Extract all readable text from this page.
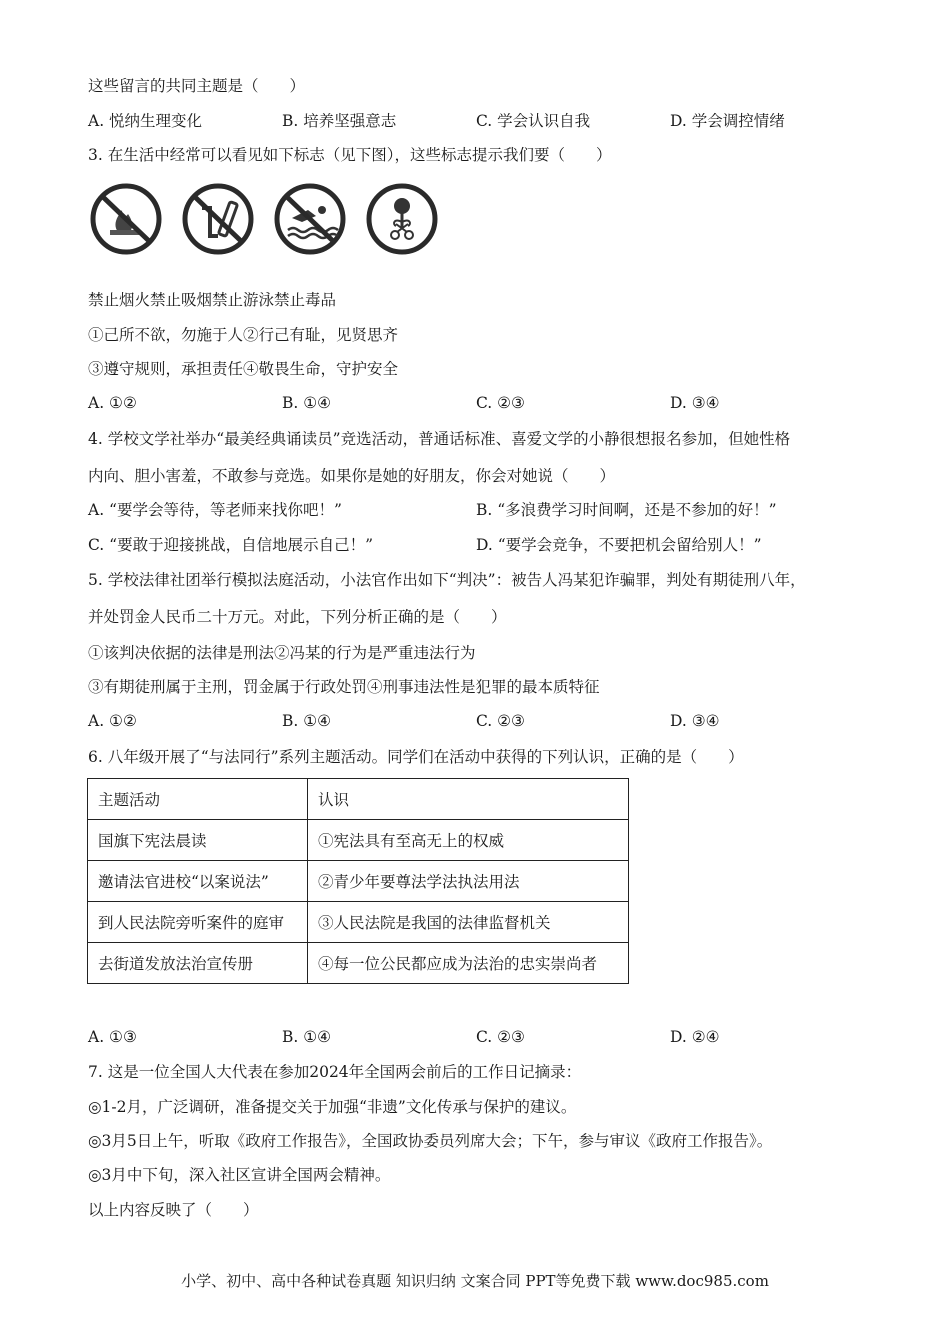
这些留言的共同主题是（　　）
A. 悦纳生理变化	B. 培养坚强意志	C. 学会认识自我	D. 学会调控情绪
3. 在生活中经常可以看见如下标志（见下图），这些标志提示我们要（　　）
禁止烟火禁止吸烟禁止游泳禁止毒品
①己所不欲，勿施于人②行己有耻，见贤思齐
③遵守规则，承担责任④敬畏生命，守护安全
A. ①②	B. ①④	C. ②③	D. ③④
4. 学校文学社举办“最美经典诵读员”竞选活动，普通话标准、喜爱文学的小静很想报名参加，但她性格
内向、胆小害羞，不敢参与竞选。如果你是她的好朋友，你会对她说（　　）
A. “要学会等待，等老师来找你吧！”	B. “多浪费学习时间啊，还是不参加的好！”
C. “要敢于迎接挑战，自信地展示自己！”	D. “要学会竞争，不要把机会留给别人！”
5. 学校法律社团举行模拟法庭活动，小法官作出如下“判决”：被告人冯某犯诈骗罪，判处有期徒刑八年，
并处罚金人民币二十万元。对此，下列分析正确的是（　　）
①该判决依据的法律是刑法②冯某的行为是严重违法行为
③有期徒刑属于主刑，罚金属于行政处罚④刑事违法性是犯罪的最本质特征
A. ①②	B. ①④	C. ②③	D. ③④
6. 八年级开展了“与法同行”系列主题活动。同学们在活动中获得的下列认识，正确的是（　　）
主题活动	认识
国旗下宪法晨读	①宪法具有至高无上的权威
邀请法官进校“以案说法”	②青少年要尊法学法执法用法
到人民法院旁听案件的庭审	③人民法院是我国的法律监督机关
去街道发放法治宣传册	④每一位公民都应成为法治的忠实崇尚者
A. ①③	B. ①④	C. ②③	D. ②④
7. 这是一位全国人大代表在参加2024年全国两会前后的工作日记摘录：
◎1-2月，广泛调研，准备提交关于加强“非遗”文化传承与保护的建议。
◎3月5日上午，听取《政府工作报告》，全国政协委员列席大会；下午，参与审议《政府工作报告》。
◎3月中下旬，深入社区宣讲全国两会精神。
以上内容反映了（　　）
小学、初中、高中各种试卷真题 知识归纳 文案合同 PPT等免费下载 www.doc985.com
